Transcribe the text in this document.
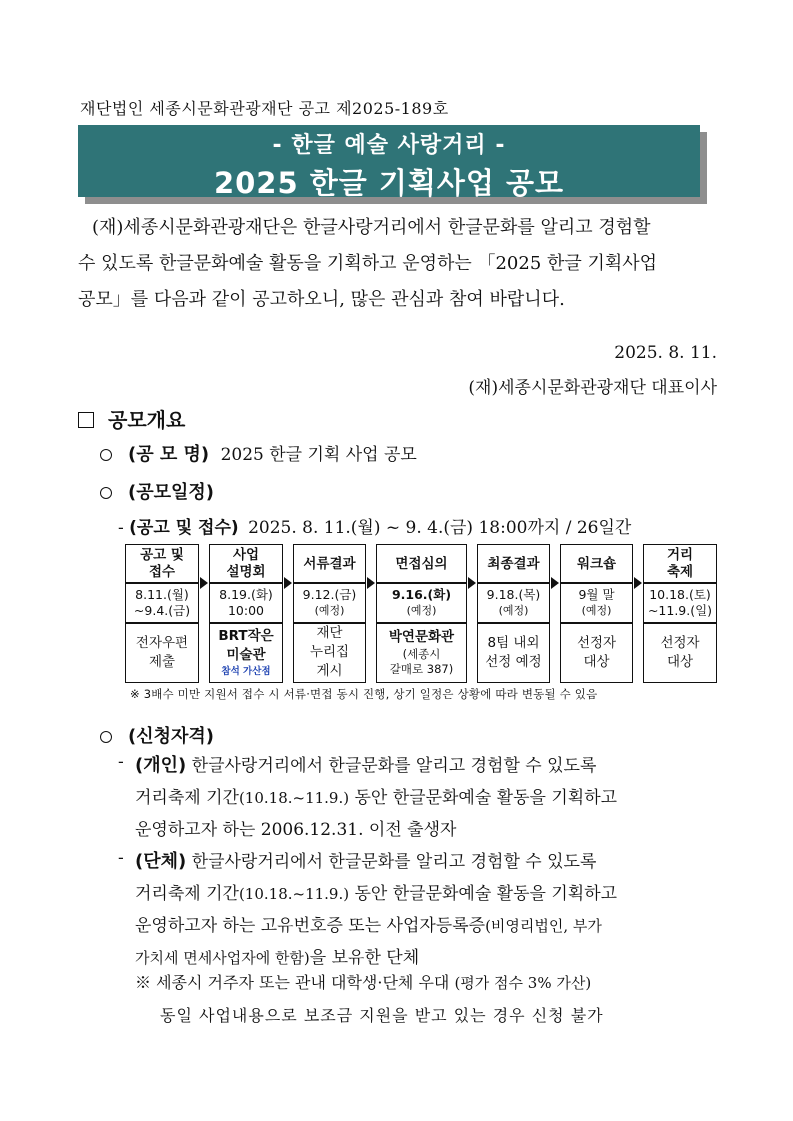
재단법인 세종시문화관광재단 공고 제2025-189호
- 한글 예술 사랑거리 -
2025 한글 기획사업 공모

(재)세종시문화관광재단은 한글사랑거리에서 한글문화를 알리고 경험할

수 있도록 한글문화예술 활동을 기획하고 운영하는 「2025 한글 기획사업

공모」를 다음과 같이 공고하오니, 많은 관심과 참여 바랍니다.

2025. 8. 11.
(재)세종시문화관광재단 대표이사
공모개요
(공 모 명) 2025 한글 기획 사업 공모
(공모일정)
- (공고 및 접수) 2025. 8. 11.(월) ~ 9. 4.(금) 18:00까지 / 26일간
공고 및
접수
8.11.(월)
~9.4.(금)
전자우편
제출
사업
설명회
8.19.(화)
10:00
BRT작은
미술관
참석 가산점
서류결과
9.12.(금)
(예정)
재단
누리집
게시
면접심의
9.16.(화)
(예정)
박연문화관
(세종시
갈매로 387)
최종결과
9.18.(목)
(예정)
8팀 내외
선정 예정
워크숍
9월 말
(예정)
선정자
대상
거리
축제
10.18.(토)
~11.9.(일)
선정자
대상
※ 3배수 미만 지원서 접수 시 서류·면접 동시 진행, 상기 일정은 상황에 따라 변동될 수 있음
(신청자격)
- (개인) 한글사랑거리에서 한글문화를 알리고 경험할 수 있도록

거리축제 기간(10.18.~11.9.) 동안 한글문화예술 활동을 기획하고

운영하고자 하는 2006.12.31. 이전 출생자

- (단체) 한글사랑거리에서 한글문화를 알리고 경험할 수 있도록

거리축제 기간(10.18.~11.9.) 동안 한글문화예술 활동을 기획하고

운영하고자 하는 고유번호증 또는 사업자등록증(비영리법인, 부가

가치세 면세사업자에 한함)을 보유한 단체

※ 세종시 거주자 또는 관내 대학생·단체 우대 (평가 점수 3% 가산)
동일 사업내용으로 보조금 지원을 받고 있는 경우 신청 불가
